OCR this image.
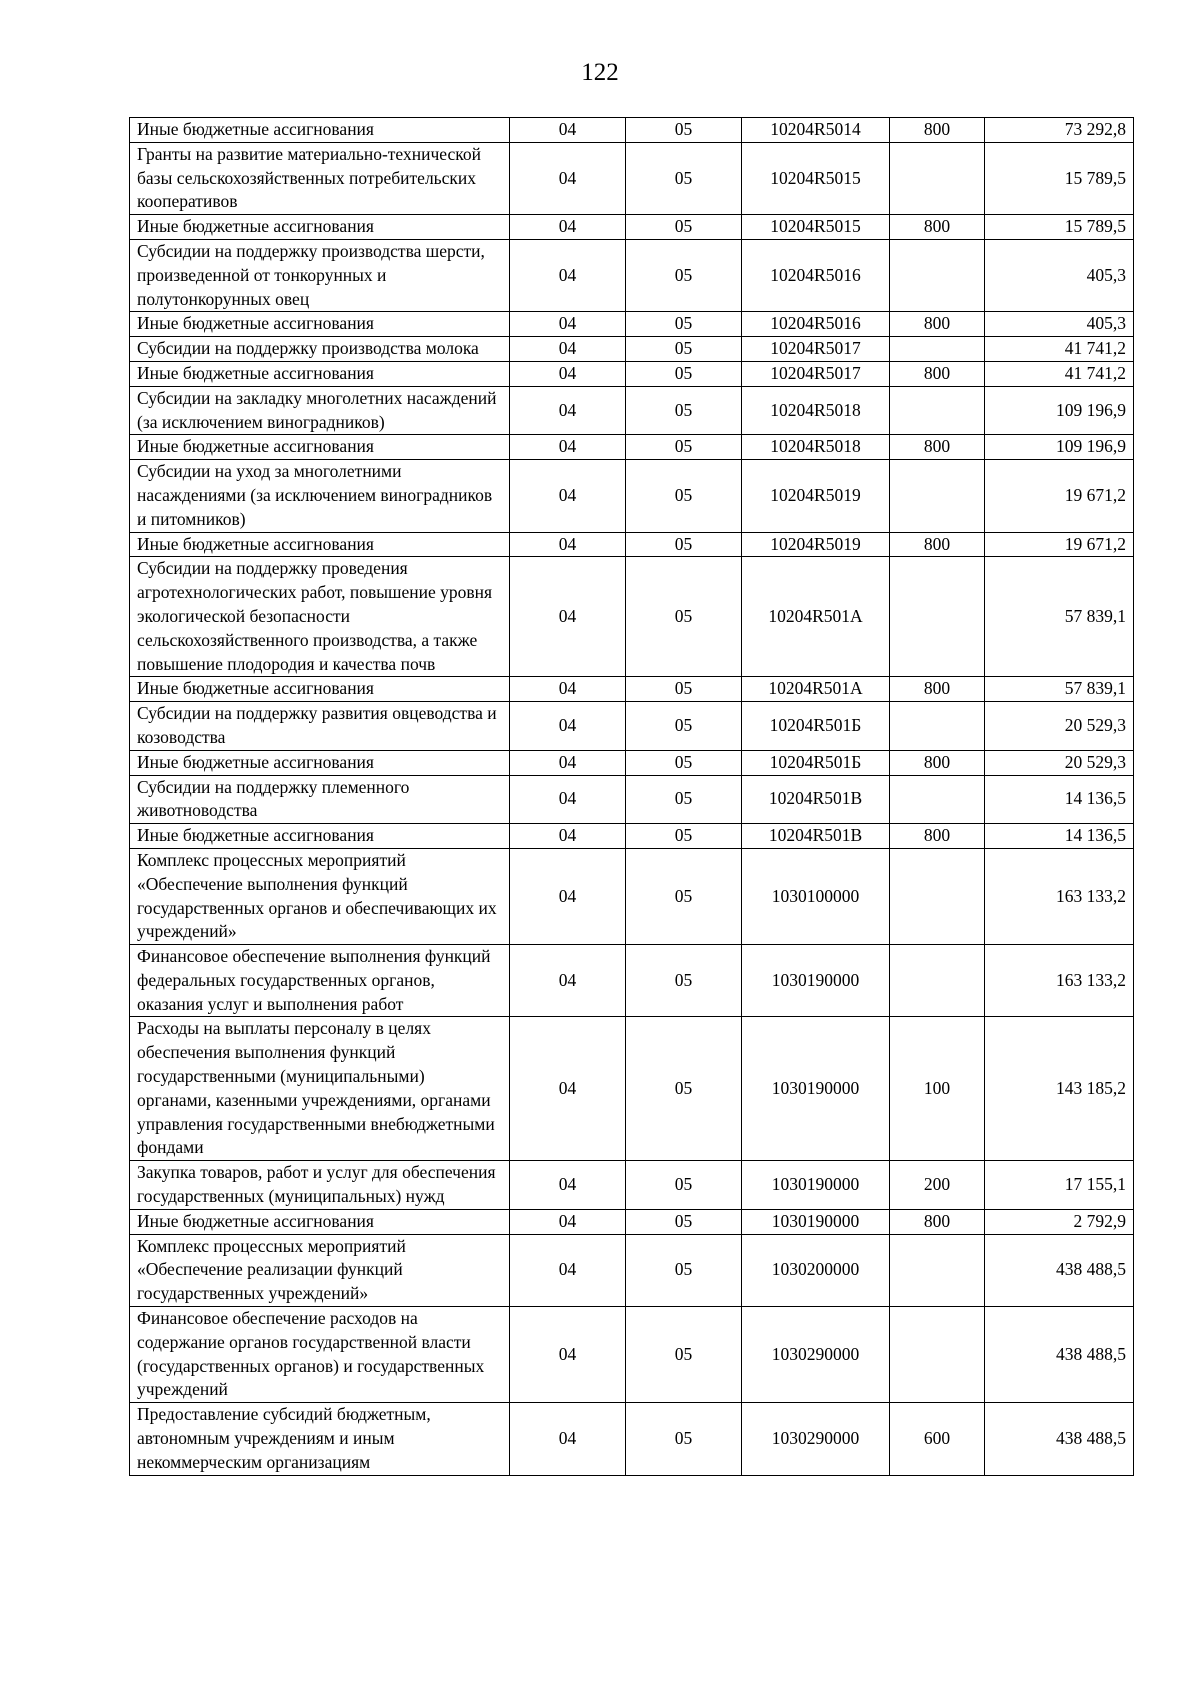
122
Иные бюджетные ассигнования	04	05	10204R5014	800	73 292,8
Гранты на развитие материально-технической базы сельскохозяйственных потребительских кооперативов	04	05	10204R5015		15 789,5
Иные бюджетные ассигнования	04	05	10204R5015	800	15 789,5
Субсидии на поддержку производства шерсти, произведенной от тонкорунных и полутонкорунных овец	04	05	10204R5016		405,3
Иные бюджетные ассигнования	04	05	10204R5016	800	405,3
Субсидии на поддержку производства молока	04	05	10204R5017		41 741,2
Иные бюджетные ассигнования	04	05	10204R5017	800	41 741,2
Субсидии на закладку многолетних насаждений (за исключением виноградников)	04	05	10204R5018		109 196,9
Иные бюджетные ассигнования	04	05	10204R5018	800	109 196,9
Субсидии на уход за многолетними насаждениями (за исключением виноградников и питомников)	04	05	10204R5019		19 671,2
Иные бюджетные ассигнования	04	05	10204R5019	800	19 671,2
Субсидии на поддержку проведения агротехнологических работ, повышение уровня экологической безопасности сельскохозяйственного производства, а также повышение плодородия и качества почв	04	05	10204R501А		57 839,1
Иные бюджетные ассигнования	04	05	10204R501А	800	57 839,1
Субсидии на поддержку развития овцеводства и козоводства	04	05	10204R501Б		20 529,3
Иные бюджетные ассигнования	04	05	10204R501Б	800	20 529,3
Субсидии на поддержку племенного животноводства	04	05	10204R501В		14 136,5
Иные бюджетные ассигнования	04	05	10204R501В	800	14 136,5
Комплекс процессных мероприятий «Обеспечение выполнения функций государственных органов и обеспечивающих их учреждений»	04	05	1030100000		163 133,2
Финансовое обеспечение выполнения функций федеральных государственных органов, оказания услуг и выполнения работ	04	05	1030190000		163 133,2
Расходы на выплаты персоналу в целях обеспечения выполнения функций государственными (муниципальными) органами, казенными учреждениями, органами управления государственными внебюджетными фондами	04	05	1030190000	100	143 185,2
Закупка товаров, работ и услуг для обеспечения государственных (муниципальных) нужд	04	05	1030190000	200	17 155,1
Иные бюджетные ассигнования	04	05	1030190000	800	2 792,9
Комплекс процессных мероприятий «Обеспечение реализации функций государственных учреждений»	04	05	1030200000		438 488,5
Финансовое обеспечение расходов на содержание органов государственной власти (государственных органов) и государственных учреждений	04	05	1030290000		438 488,5
Предоставление субсидий бюджетным, автономным учреждениям и иным некоммерческим организациям	04	05	1030290000	600	438 488,5
